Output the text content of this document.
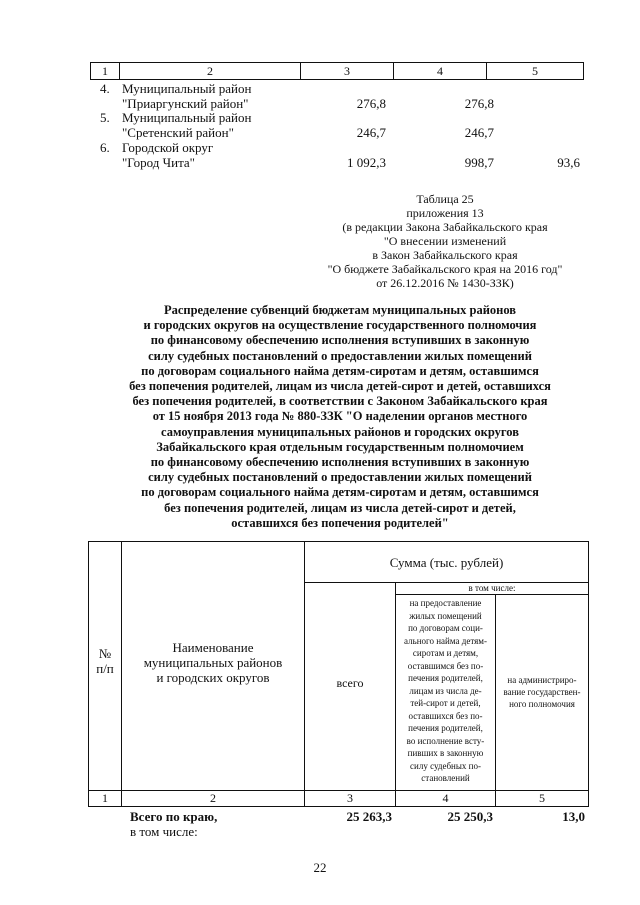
1	2	3	4	5
4. Муниципальный район
"Приаргунский район"	276,8	276,8
5. Муниципальный район
"Сретенский район"	246,7	246,7
6. Городской округ
"Город Чита"	1 092,3	998,7	93,6
Таблица 25
приложения 13
(в редакции Закона Забайкальского края
"О внесении изменений
в Закон Забайкальского края
"О бюджете Забайкальского края на 2016 год"
от 26.12.2016 № 1430-ЗЗК)
Распределение субвенций бюджетам муниципальных районов
и городских округов на осуществление государственного полномочия
по финансовому обеспечению исполнения вступивших в законную
силу судебных постановлений о предоставлении жилых помещений
по договорам социального найма детям-сиротам и детям, оставшимся
без попечения родителей, лицам из числа детей-сирот и детей, оставшихся
без попечения родителей, в соответствии с Законом Забайкальского края
от 15 ноября 2013 года № 880-ЗЗК "О наделении органов местного
самоуправления муниципальных районов и городских округов
Забайкальского края отдельным государственным полномочием
по финансовому обеспечению исполнения вступивших в законную
силу судебных постановлений о предоставлении жилых помещений
по договорам социального найма детям-сиротам и детям, оставшимся
без попечения родителей, лицам из числа детей-сирот и детей,
оставшихся без попечения родителей"
№
п/п
Наименование
муниципальных районов
и городских округов
Сумма (тыс. рублей)
в том числе:
всего
на предоставление
жилых помещений
по договорам соци-
ального найма детям-
сиротам и детям,
оставшимся без по-
печения родителей,
лицам из числа де-
тей-сирот и детей,
оставшихся без по-
печения родителей,
во исполнение всту-
пивших в законную
силу судебных по-
становлений
на администриро-
вание государствен-
ного полномочия
1	2	3	4	5
Всего по краю,
в том числе:
25 263,3	25 250,3	13,0
22
